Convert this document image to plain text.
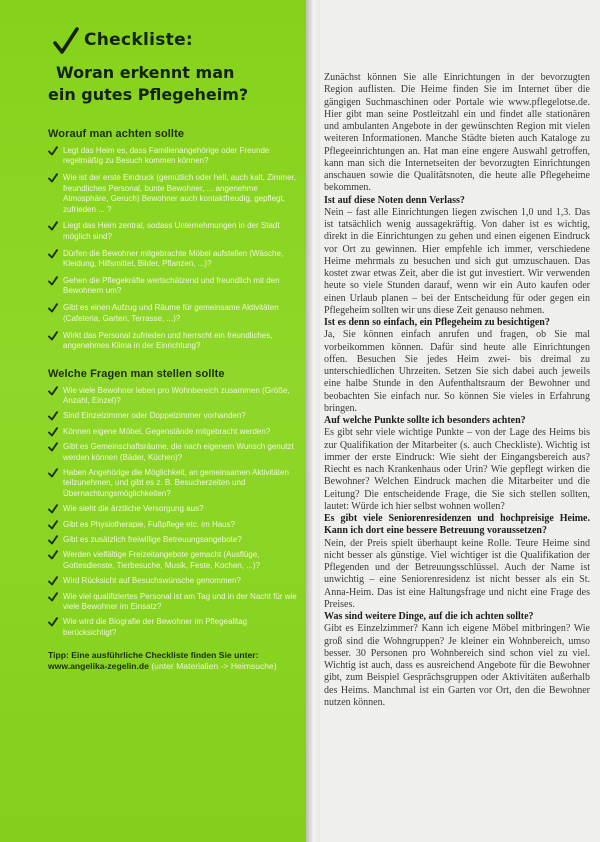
Checkliste:
Woran erkennt man
ein gutes Pflegeheim?
Worauf man achten sollte
Legt das Heim es, dass Familienangehörige oder Freunde regelmäßig zu Besuch kommen können?
Wie ist der erste Eindruck (gemütlich oder hell, auch kalt, Zimmer, freundliches Personal, bunte Bewohner, ... angenehme Atmosphäre, Geruch) Bewohner auch kontaktfreudig, gepflegt, zufrieden ... ?
Liegt das Heim zentral, sodass Unternehmungen in der Stadt möglich sind?
Dürfen die Bewohner mitgebrachte Möbel aufstellen (Wäsche, Kleidung, Hilfsmittel, Bilder, Pflanzen, ...)?
Gehen die Pflegekräfte wertschätzend und freundlich mit den Bewohnern um?
Gibt es einen Aufzug und Räume für gemeinsame Aktivitäten (Cafeteria, Garten, Terrasse, ...)?
Wirkt das Personal zufrieden und herrscht ein freundliches, angenehmes Klima in der Einrichtung?
Welche Fragen man stellen sollte
Wie viele Bewohner leben pro Wohnbereich zusammen (Größe, Anzahl, Einzel)?
Sind Einzelzimmer oder Doppelzimmer vorhanden?
Können eigene Möbel, Gegenstände mitgebracht werden?
Gibt es Gemeinschaftsräume, die nach eigenem Wunsch genutzt werden können (Bäder, Küchen)?
Haben Angehörige die Möglichkeit, an gemeinsamen Aktivitäten teilzunehmen, und gibt es z. B. Besucherzeiten und Übernachtungsmöglichkeiten?
Wie sieht die ärztliche Versorgung aus?
Gibt es Physiotherapie, Fußpflege etc. im Haus?
Gibt es zusätzlich freiwillige Betreuungsangebote?
Werden vielfältige Freizeitangebote gemacht (Ausflüge, Gottesdienste, Tierbesuche, Musik, Feste, Kochen, ...)?
Wird Rücksicht auf Besuchswünsche genommen?
Wie viel qualifiziertes Personal ist am Tag und in der Nacht für wie viele Bewohner im Einsatz?
Wie wird die Biografie der Bewohner im Pflegealltag berücksichtigt?
Tipp: Eine ausführliche Checkliste finden Sie unter: www.angelika-zegelin.de (unter Materialien -> Heimsuche)

Zunächst können Sie alle Einrichtungen in der bevorzugten Region auflisten. Die Heime finden Sie im Internet über die gängigen Suchmaschinen oder Portale wie www.pflegelotse.de. Hier gibt man seine Postleitzahl ein und findet alle stationären und ambulanten Angebote in der gewünschten Region mit vielen weiteren Informationen. Manche Städte bieten auch Kataloge zu Pflegeeinrichtungen an. Hat man eine engere Auswahl getroffen, kann man sich die Internetseiten der bevorzugten Einrichtungen anschauen sowie die Qualitätsnoten, die heute alle Pflegeheime bekommen.

Ist auf diese Noten denn Verlass?

Nein – fast alle Einrichtungen liegen zwischen 1,0 und 1,3. Das ist tatsächlich wenig aussagekräftig. Von daher ist es wichtig, direkt in die Einrichtungen zu gehen und einen eigenen Eindruck vor Ort zu gewinnen. Hier empfehle ich immer, verschiedene Heime mehrmals zu besuchen und sich gut umzuschauen. Das kostet zwar etwas Zeit, aber die ist gut investiert. Wir verwenden heute so viele Stunden darauf, wenn wir ein Auto kaufen oder einen Urlaub planen – bei der Entscheidung für oder gegen ein Pflegeheim sollten wir uns diese Zeit genauso nehmen.

Ist es denn so einfach, ein Pflegeheim zu besichtigen?

Ja, Sie können einfach anrufen und fragen, ob Sie mal vorbeikommen können. Dafür sind heute alle Einrichtungen offen. Besuchen Sie jedes Heim zwei- bis dreimal zu unterschiedlichen Uhrzeiten. Setzen Sie sich dabei auch jeweils eine halbe Stunde in den Aufenthaltsraum der Bewohner und beobachten Sie einfach nur. So können Sie vieles in Erfahrung bringen.

Auf welche Punkte sollte ich besonders achten?

Es gibt sehr viele wichtige Punkte – von der Lage des Heims bis zur Qualifikation der Mitarbeiter (s. auch Checkliste). Wichtig ist immer der erste Eindruck: Wie sieht der Eingangsbereich aus? Riecht es nach Krankenhaus oder Urin? Wie gepflegt wirken die Bewohner? Welchen Eindruck machen die Mitarbeiter und die Leitung? Die entscheidende Frage, die Sie sich stellen sollten, lautet: Würde ich hier selbst wohnen wollen?

Es gibt viele Seniorenresidenzen und hochpreisige Heime. Kann ich dort eine bessere Betreuung voraussetzen?

Nein, der Preis spielt überhaupt keine Rolle. Teure Heime sind nicht besser als günstige. Viel wichtiger ist die Qualifikation der Pflegenden und der Betreuungsschlüssel. Auch der Name ist unwichtig – eine Seniorenresidenz ist nicht besser als ein St. Anna-Heim. Das ist eine Haltungsfrage und nicht eine Frage des Preises.

Was sind weitere Dinge, auf die ich achten sollte?

Gibt es Einzelzimmer? Kann ich eigene Möbel mitbringen? Wie groß sind die Wohngruppen? Je kleiner ein Wohnbereich, umso besser. 30 Personen pro Wohnbereich sind schon viel zu viel. Wichtig ist auch, dass es ausreichend Angebote für die Bewohner gibt, zum Beispiel Gesprächsgruppen oder Aktivitäten außerhalb des Heims. Manchmal ist ein Garten vor Ort, den die Bewohner nutzen können.
